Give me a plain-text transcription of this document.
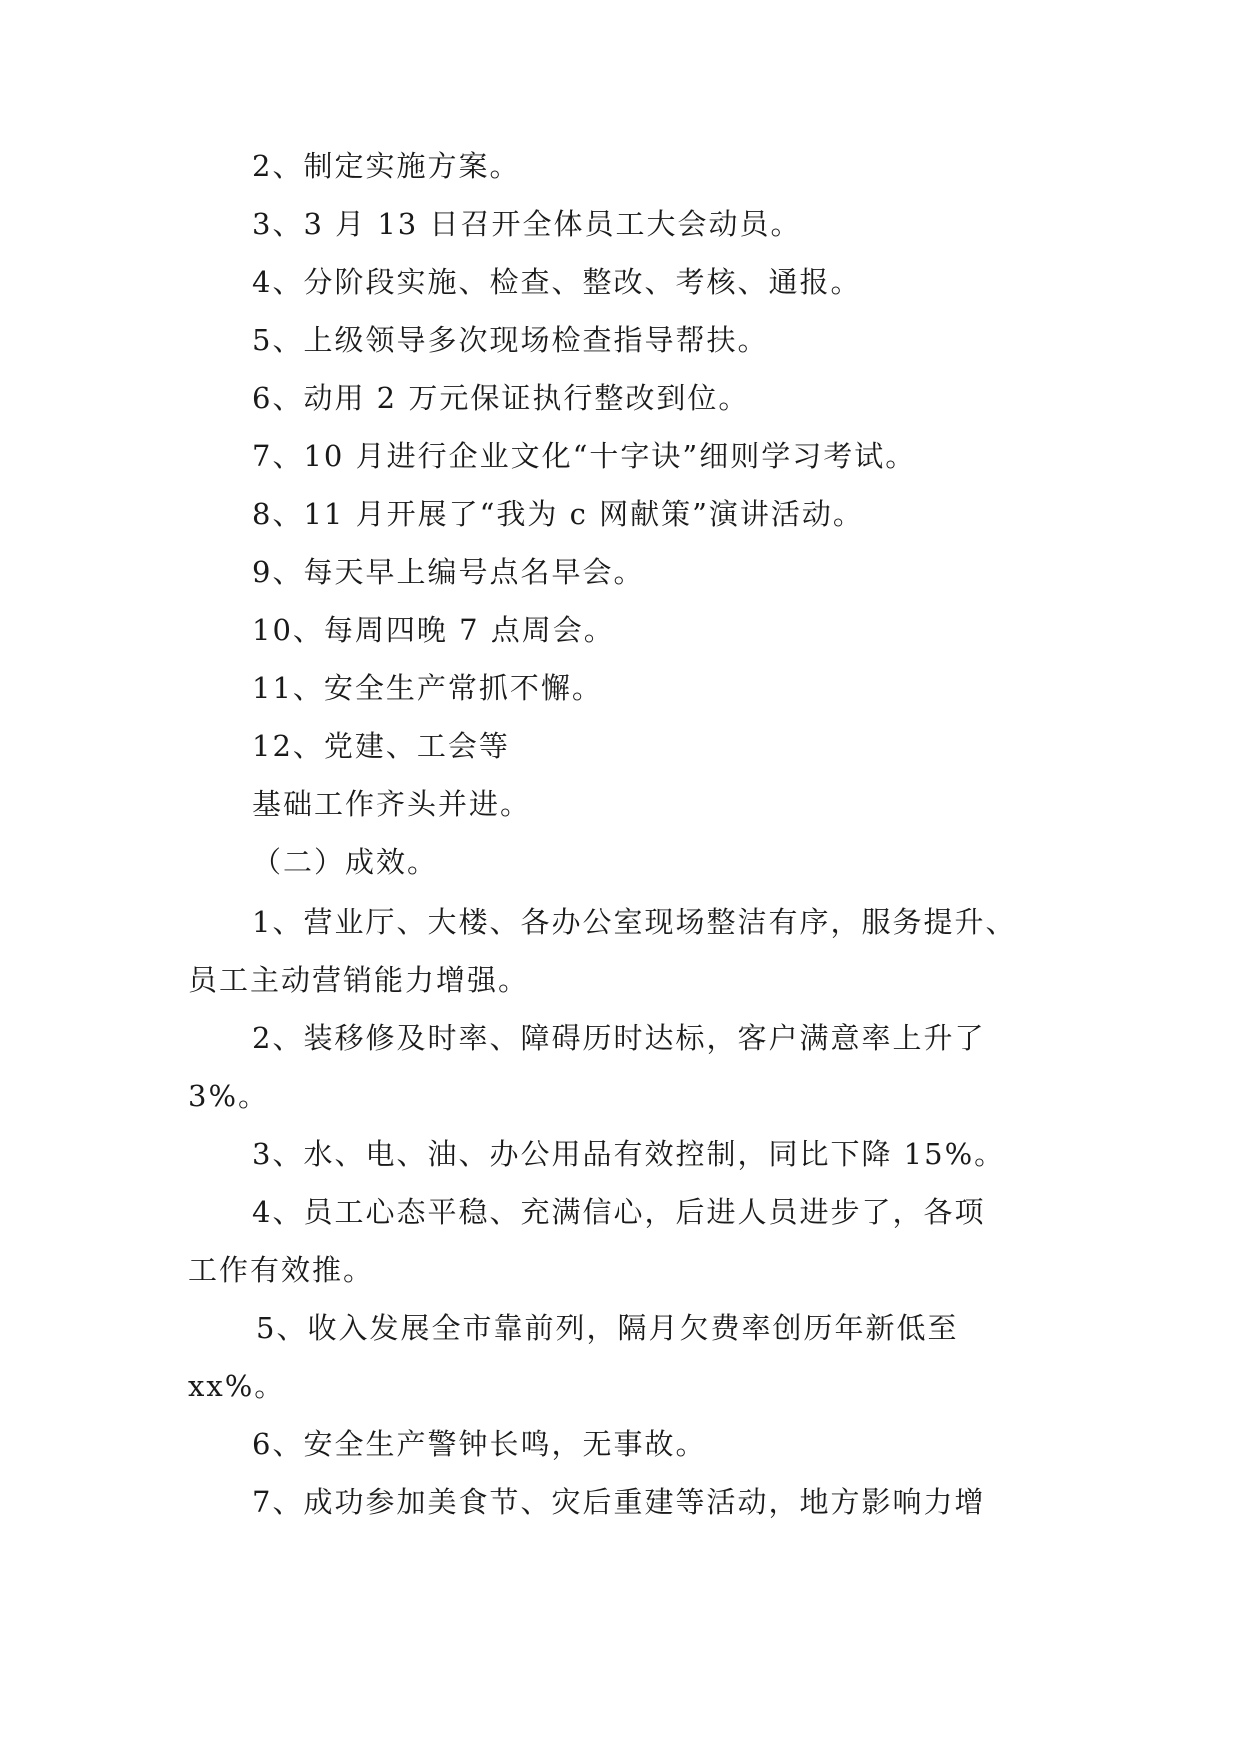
2、制定实施方案。
3、3 月 13 日召开全体员工大会动员。
4、分阶段实施、检查、整改、考核、通报。
5、上级领导多次现场检查指导帮扶。
6、动用 2 万元保证执行整改到位。
7、10 月进行企业文化“十字诀”细则学习考试。
8、11 月开展了“我为 c 网献策”演讲活动。
9、每天早上编号点名早会。
10、每周四晚 7 点周会。
11、安全生产常抓不懈。
12、党建、工会等
基础工作齐头并进。
（二）成效。
1、营业厅、大楼、各办公室现场整洁有序，服务提升、
员工主动营销能力增强。
2、装移修及时率、障碍历时达标，客户满意率上升了
3%。
3、水、电、油、办公用品有效控制，同比下降 15%。
4、员工心态平稳、充满信心，后进人员进步了，各项
工作有效推。
5、收入发展全市靠前列，隔月欠费率创历年新低至
xx%。
6、安全生产警钟长鸣，无事故。
7、成功参加美食节、灾后重建等活动，地方影响力增
